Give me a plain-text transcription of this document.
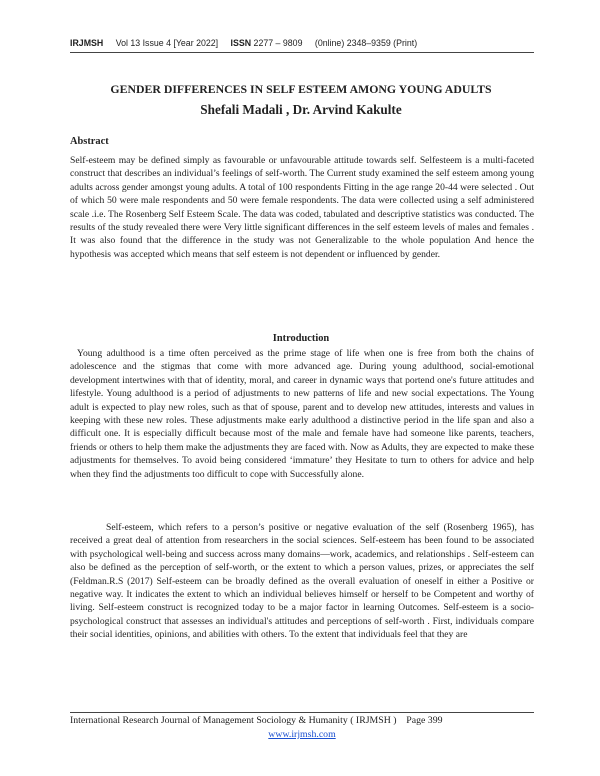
IRJMSH Vol 13 Issue 4 [Year 2022] ISSN 2277 – 9809 (0nline) 2348–9359 (Print)
GENDER DIFFERENCES IN SELF ESTEEM AMONG YOUNG ADULTS
Shefali Madali , Dr. Arvind Kakulte
Abstract
Self-esteem may be defined simply as favourable or unfavourable attitude towards self. Selfesteem is a multi-faceted construct that describes an individual’s feelings of self-worth. The Current study examined the self esteem among young adults across gender amongst young adults. A total of 100 respondents Fitting in the age range 20-44 were selected . Out of which 50 were male respondents and 50 were female respondents. The data were collected using a self administered scale .i.e. The Rosenberg Self Esteem Scale. The data was coded, tabulated and descriptive statistics was conducted. The results of the study revealed there were Very little significant differences in the self esteem levels of males and females . It was also found that the difference in the study was not Generalizable to the whole population And hence the hypothesis was accepted which means that self esteem is not dependent or influenced by gender.
Introduction
Young adulthood is a time often perceived as the prime stage of life when one is free from both the chains of adolescence and the stigmas that come with more advanced age. During young adulthood, social-emotional development intertwines with that of identity, moral, and career in dynamic ways that portend one's future attitudes and lifestyle. Young adulthood is a period of adjustments to new patterns of life and new social expectations. The Young adult is expected to play new roles, such as that of spouse, parent and to develop new attitudes, interests and values in keeping with these new roles. These adjustments make early adulthood a distinctive period in the life span and also a difficult one. It is especially difficult because most of the male and female have had someone like parents, teachers, friends or others to help them make the adjustments they are faced with. Now as Adults, they are expected to make these adjustments for themselves. To avoid being considered ‘immature’ they Hesitate to turn to others for advice and help when they find the adjustments too difficult to cope with Successfully alone.
Self-esteem, which refers to a person’s positive or negative evaluation of the self (Rosenberg 1965), has received a great deal of attention from researchers in the social sciences. Self-esteem has been found to be associated with psychological well-being and success across many domains—work, academics, and relationships . Self-esteem can also be defined as the perception of self-worth, or the extent to which a person values, prizes, or appreciates the self (Feldman.R.S (2017) Self-esteem can be broadly defined as the overall evaluation of oneself in either a Positive or negative way. It indicates the extent to which an individual believes himself or herself to be Competent and worthy of living. Self-esteem construct is recognized today to be a major factor in learning Outcomes. Self-esteem is a socio-psychological construct that assesses an individual's attitudes and perceptions of self-worth . First, individuals compare their social identities, opinions, and abilities with others. To the extent that individuals feel that they are
International Research Journal of Management Sociology & Humanity ( IRJMSH ) Page 399
www.irjmsh.com
